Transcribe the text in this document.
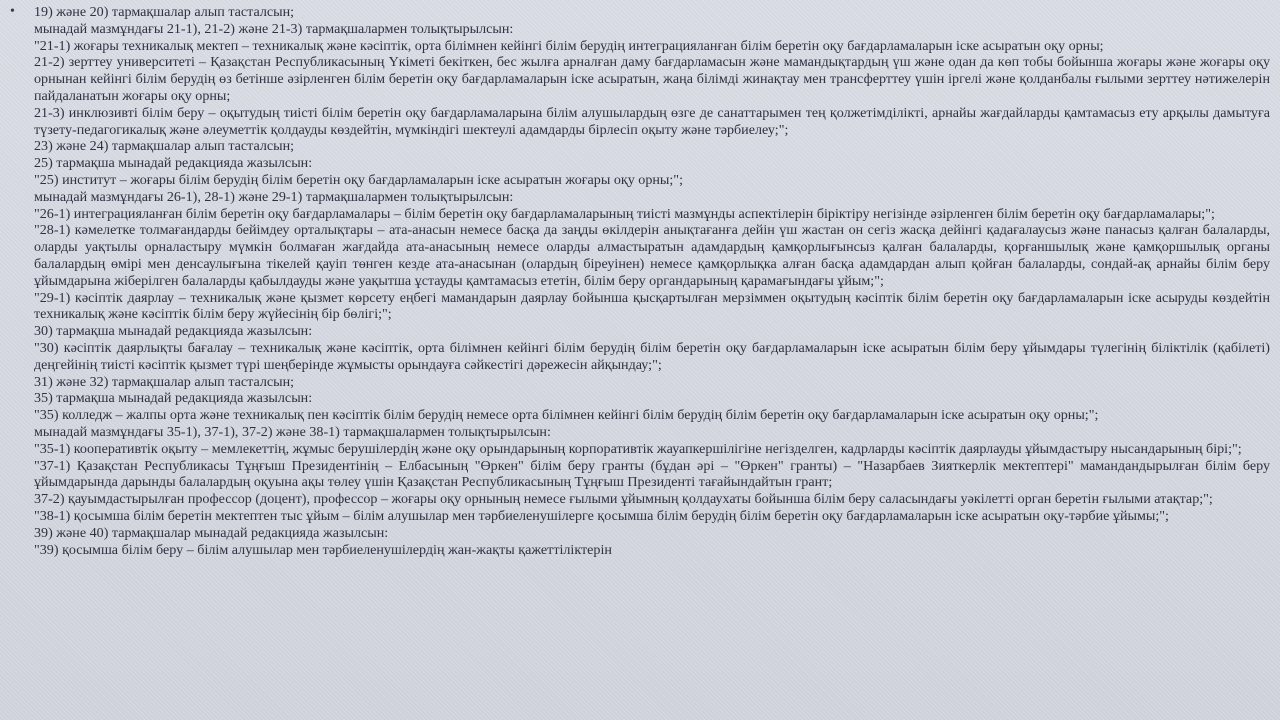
• 19) және 20) тармақшалар алып тасталсын;

мынадай мазмұндағы 21-1), 21-2) және 21-3) тармақшалармен толықтырылсын:

"21-1) жоғары техникалық мектеп – техникалық және кәсіптік, орта білімнен кейінгі білім берудің интеграцияланған білім беретін оқу бағдарламаларын іске асыратын оқу орны;

21-2) зерттеу университеті – Қазақстан Республикасының Үкіметі бекіткен, бес жылға арналған даму бағдарламасын және мамандықтардың үш және одан да көп тобы бойынша жоғары және жоғары оқу орнынан кейінгі білім берудің өз бетінше әзірленген білім беретін оқу бағдарламаларын іске асыратын, жаңа білімді жинақтау мен трансферттеу үшін іргелі және қолданбалы ғылыми зерттеу нәтижелерін пайдаланатын жоғары оқу орны;

21-3) инклюзивті білім беру – оқытудың тиісті білім беретін оқу бағдарламаларына білім алушылардың өзге де санаттарымен тең қолжетімділікті, арнайы жағдайларды қамтамасыз ету арқылы дамытуға түзету-педагогикалық және әлеуметтік қолдауды көздейтін, мүмкіндігі шектеулі адамдарды бірлесіп оқыту және тәрбиелеу;";

23) және 24) тармақшалар алып тасталсын;

25) тармақша мынадай редакцияда жазылсын:

"25) институт – жоғары білім берудің білім беретін оқу бағдарламаларын іске асыратын жоғары оқу орны;";

мынадай мазмұндағы 26-1), 28-1) және 29-1) тармақшалармен толықтырылсын:

"26-1) интеграцияланған білім беретін оқу бағдарламалары – білім беретін оқу бағдарламаларының тиісті мазмұнды аспектілерін біріктіру негізінде әзірленген білім беретін оқу бағдарламалары;";

"28-1) кәмелетке толмағандарды бейімдеу орталықтары – ата-анасын немесе басқа да заңды өкілдерін анықтағанға дейін үш жастан он сегіз жасқа дейінгі қадағалаусыз және панасыз қалған балаларды, оларды уақтылы орналастыру мүмкін болмаған жағдайда ата-анасының немесе оларды алмастыратын адамдардың қамқорлығынсыз қалған балаларды, қорғаншылық және қамқоршылық органы балалардың өмірі мен денсаулығына тікелей қауіп төнген кезде ата-анасынан (олардың біреуінен) немесе қамқорлықка алған басқа адамдардан алып қойған балаларды, сондай-ақ арнайы білім беру ұйымдарына жіберілген балаларды қабылдауды және уақытша ұстауды қамтамасыз ететін, білім беру органдарының қарамағындағы ұйым;";

"29-1) кәсіптік даярлау – техникалық және қызмет көрсету еңбегі мамандарын даярлау бойынша қысқартылған мерзіммен оқытудың кәсіптік білім беретін оқу бағдарламаларын іске асыруды көздейтін техникалық және кәсіптік білім беру жүйесінің бір бөлігі;";

30) тармақша мынадай редакцияда жазылсын:

"30) кәсіптік даярлықты бағалау – техникалық және кәсіптік, орта білімнен кейінгі білім берудің білім беретін оқу бағдарламаларын іске асыратын білім беру ұйымдары түлегінің біліктілік (қабілеті) деңгейінің тиісті кәсіптік қызмет түрі шеңберінде жұмысты орындауға сәйкестігі дәрежесін айқындау;";

31) және 32) тармақшалар алып тасталсын;

35) тармақша мынадай редакцияда жазылсын:

"35) колледж – жалпы орта және техникалық пен кәсіптік білім берудің немесе орта білімнен кейінгі білім берудің білім беретін оқу бағдарламаларын іске асыратын оқу орны;";

мынадай мазмұндағы 35-1), 37-1), 37-2) және 38-1) тармақшалармен толықтырылсын:

"35-1) кооперативтік оқыту – мемлекеттің, жұмыс берушілердің және оқу орындарының корпоративтік жауапкершілігіне негізделген, кадрларды кәсіптік даярлауды ұйымдастыру нысандарының бірі;";

"37-1) Қазақстан Республикасы Тұңғыш Президентінің – Елбасының "Өркен" білім беру гранты (бұдан әрі – "Өркен" гранты) – "Назарбаев Зияткерлік мектептері" мамандандырылған білім беру ұйымдарында дарынды балалардың оқуына ақы төлеу үшін Қазақстан Республикасының Тұңғыш Президенті тағайындайтын грант;

37-2) қауымдастырылған профессор (доцент), профессор – жоғары оқу орнының немесе ғылыми ұйымның қолдаухаты бойынша білім беру саласындағы уәкілетті орган беретін ғылыми атақтар;";

"38-1) қосымша білім беретін мектептен тыс ұйым – білім алушылар мен тәрбиеленушілерге қосымша білім берудің білім беретін оқу бағдарламаларын іске асыратын оқу-тәрбие ұйымы;";

39) және 40) тармақшалар мынадай редакцияда жазылсын:

"39) қосымша білім беру – білім алушылар мен тәрбиеленушілердің жан-жақты қажеттіліктерін
